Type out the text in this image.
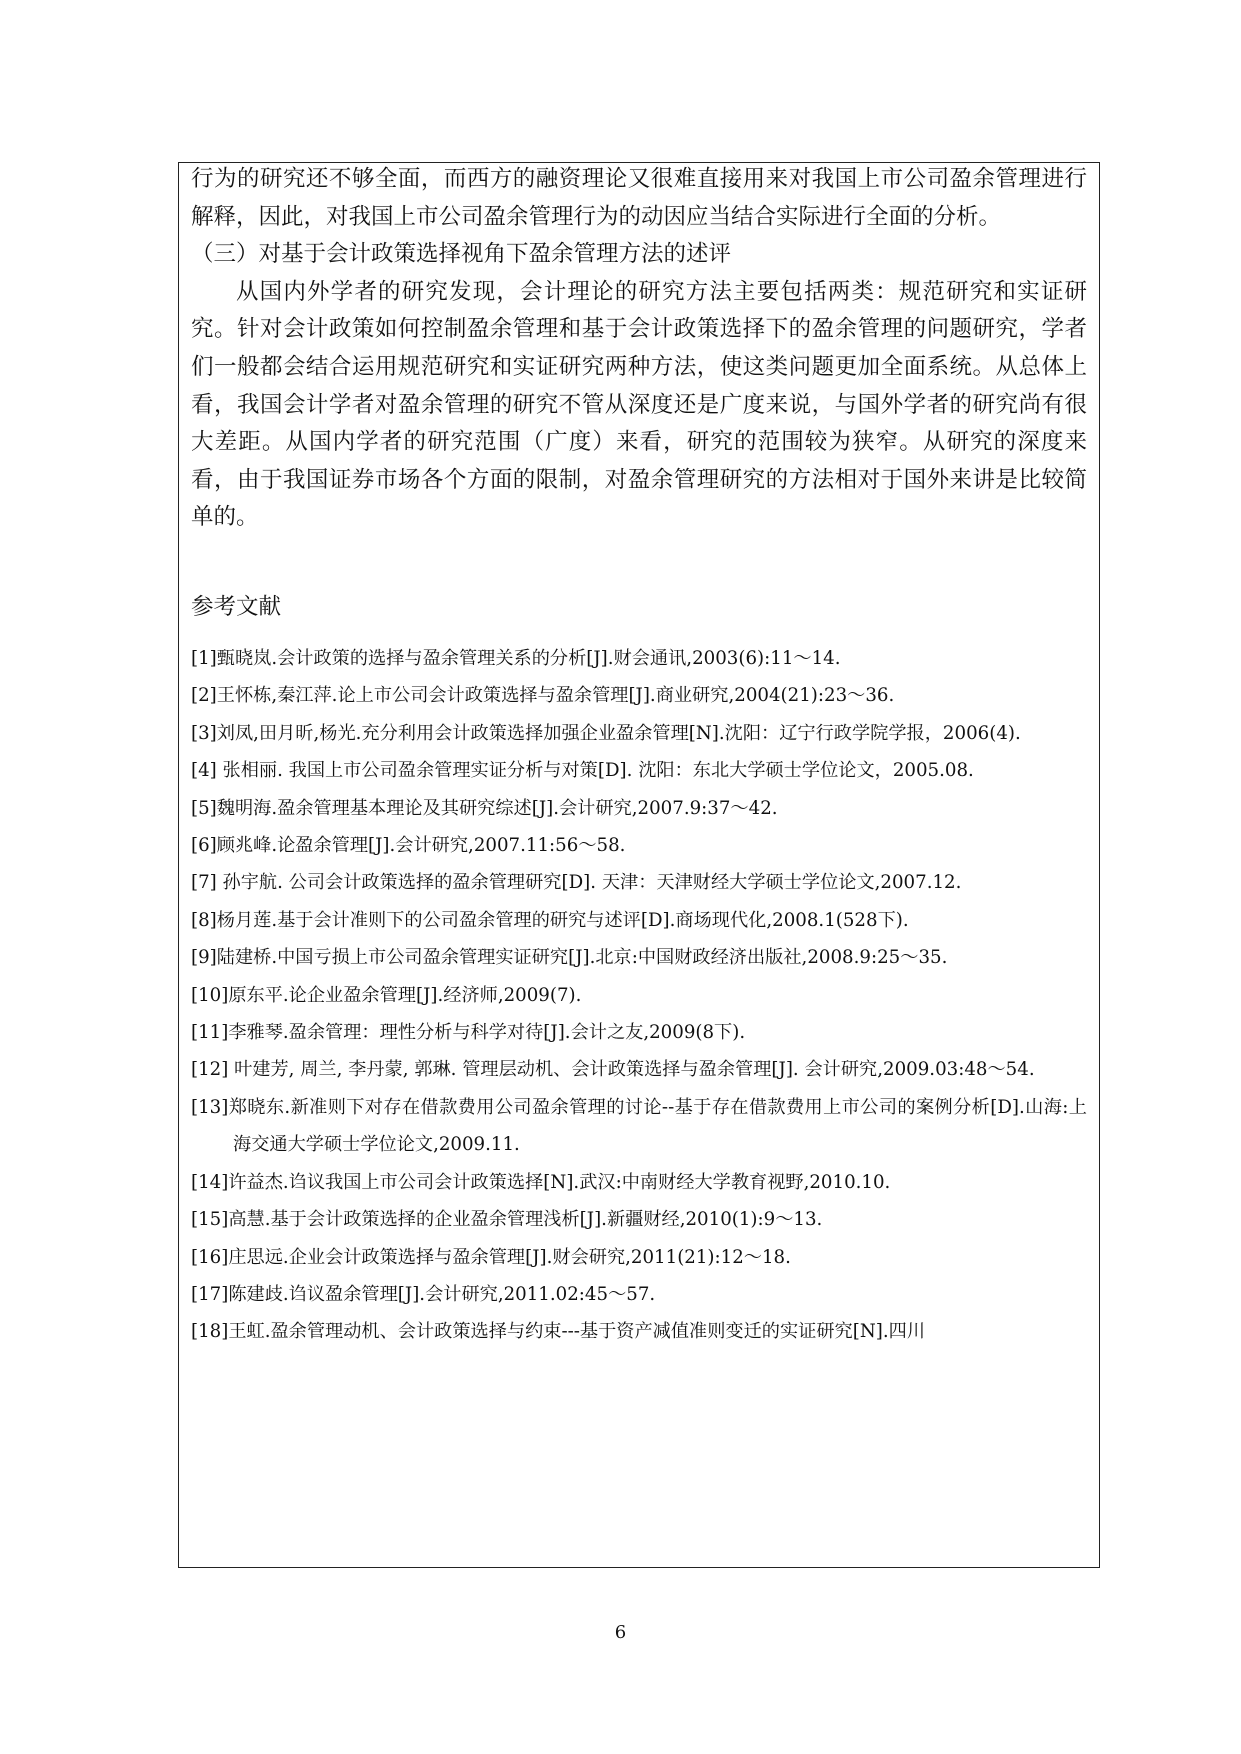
行为的研究还不够全面，而西方的融资理论又很难直接用来对我国上市公司盈余管理进行解释，因此，对我国上市公司盈余管理行为的动因应当结合实际进行全面的分析。

（三）对基于会计政策选择视角下盈余管理方法的述评

从国内外学者的研究发现，会计理论的研究方法主要包括两类：规范研究和实证研究。针对会计政策如何控制盈余管理和基于会计政策选择下的盈余管理的问题研究，学者们一般都会结合运用规范研究和实证研究两种方法，使这类问题更加全面系统。从总体上看，我国会计学者对盈余管理的研究不管从深度还是广度来说，与国外学者的研究尚有很大差距。从国内学者的研究范围（广度）来看，研究的范围较为狭窄。从研究的深度来看，由于我国证券市场各个方面的限制，对盈余管理研究的方法相对于国外来讲是比较简单的。

参考文献

[1]甄晓岚.会计政策的选择与盈余管理关系的分析[J].财会通讯,2003(6):11～14.
[2]王怀栋,秦江萍.论上市公司会计政策选择与盈余管理[J].商业研究,2004(21):23～36.
[3]刘凤,田月昕,杨光.充分利用会计政策选择加强企业盈余管理[N].沈阳：辽宁行政学院学报，2006(4).
[4] 张相丽. 我国上市公司盈余管理实证分析与对策[D]. 沈阳：东北大学硕士学位论文，2005.08.
[5]魏明海.盈余管理基本理论及其研究综述[J].会计研究,2007.9:37～42.
[6]顾兆峰.论盈余管理[J].会计研究,2007.11:56～58.
[7] 孙宇航. 公司会计政策选择的盈余管理研究[D]. 天津：天津财经大学硕士学位论文,2007.12.
[8]杨月莲.基于会计准则下的公司盈余管理的研究与述评[D].商场现代化,2008.1(528下).
[9]陆建桥.中国亏损上市公司盈余管理实证研究[J].北京:中国财政经济出版社,2008.9:25～35.
[10]原东平.论企业盈余管理[J].经济师,2009(7).
[11]李雅琴.盈余管理：理性分析与科学对待[J].会计之友,2009(8下).
[12] 叶建芳, 周兰, 李丹蒙, 郭琳. 管理层动机、会计政策选择与盈余管理[J]. 会计研究,2009.03:48～54.
[13]郑晓东.新准则下对存在借款费用公司盈余管理的讨论--基于存在借款费用上市公司的案例分析[D].山海:上海交通大学硕士学位论文,2009.11.
[14]许益杰.诌议我国上市公司会计政策选择[N].武汉:中南财经大学教育视野,2010.10.
[15]高慧.基于会计政策选择的企业盈余管理浅析[J].新疆财经,2010(1):9～13.
[16]庄思远.企业会计政策选择与盈余管理[J].财会研究,2011(21):12～18.
[17]陈建歧.诌议盈余管理[J].会计研究,2011.02:45～57.
[18]王虹.盈余管理动机、会计政策选择与约束---基于资产减值准则变迁的实证研究[N].四川
6
